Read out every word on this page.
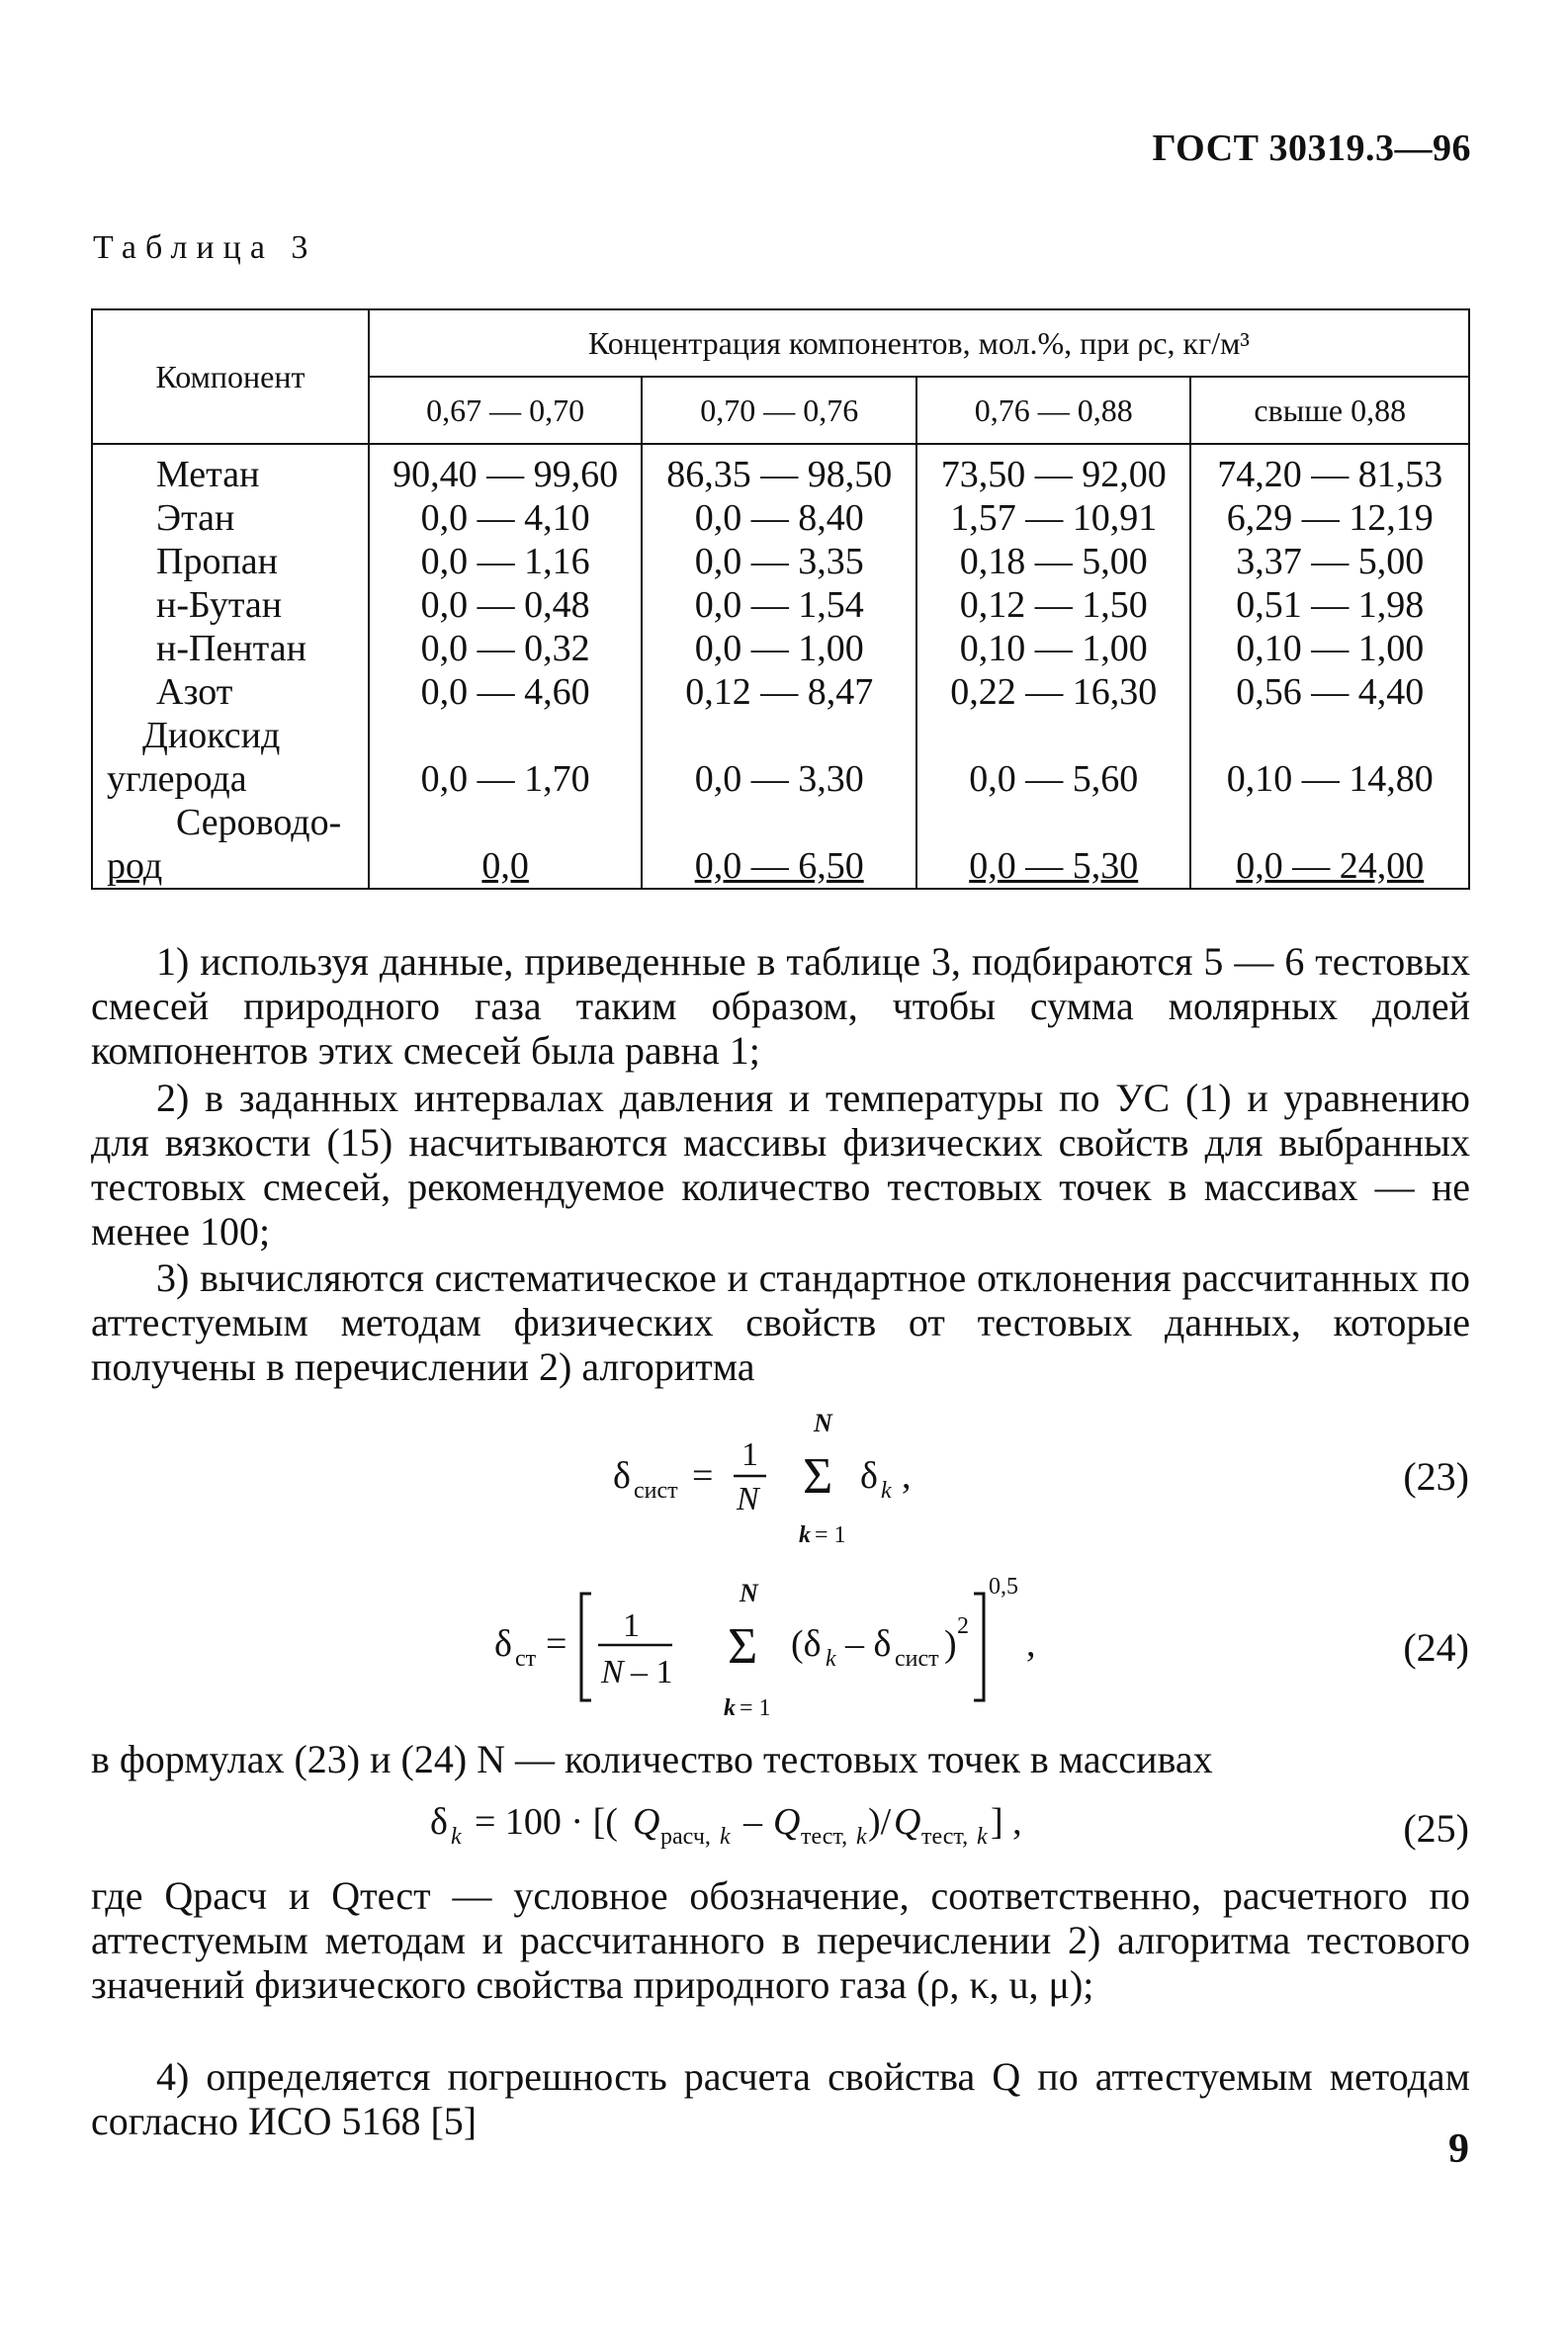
ГОСТ 30319.3—96
Таблица 3
Компонент	Концентрация компонентов, мол.%, при ρс, кг/м³			
	0,67 — 0,70	0,70 — 0,76	0,76 — 0,88	свыше 0,88
Метан	90,40 — 99,60	86,35 — 98,50	73,50 — 92,00	74,20 — 81,53
Этан	0,0 — 4,10	0,0 — 8,40	1,57 — 10,91	6,29 — 12,19
Пропан	0,0 — 1,16	0,0 — 3,35	0,18 — 5,00	3,37 — 5,00
н-Бутан	0,0 — 0,48	0,0 — 1,54	0,12 — 1,50	0,51 — 1,98
н-Пентан	0,0 — 0,32	0,0 — 1,00	0,10 — 1,00	0,10 — 1,00
Азот	0,0 — 4,60	0,12 — 8,47	0,22 — 16,30	0,56 — 4,40

Диоксид
углерода	0,0 — 1,70	0,0 — 3,30	0,0 — 5,60	0,10 — 14,80

Сероводо-
род	0,0	0,0 — 6,50	0,0 — 5,30	0,0 — 24,00
1) используя данные, приведенные в таблице 3, подбираются 5 — 6 тестовых смесей природного газа таким образом, чтобы сумма молярных долей компонентов этих смесей была равна 1;
2) в заданных интервалах давления и температуры по УС (1) и уравнению для вязкости (15) насчитываются массивы физических свойств для выбранных тестовых смесей, рекомендуемое количество тестовых точек в массивах — не менее 100;
3) вычисляются систематическое и стандартное отклонения рассчитанных по аттестуемым методам физических свойств от тестовых данных, которые получены в перечислении 2) алгоритма
δ сист =
1
N
N
Σ
k = 1
δ k ,	(23)
δ ст = 1
N – 1
N
Σ
k = 1
(δ k – δ сист ) 2
0,5
,	(24)
в формулах (23) и (24) N — количество тестовых точек в массивах
δ k = 100 · [( Q расч, k – Q тест, k )/ Q тест, k ] ,	(25)
где Qрасч и Qтест — условное обозначение, соответственно, расчетного по аттестуемым методам и рассчитанного в перечислении 2) алгоритма тестового значений физического свойства природного газа (ρ, κ, u, μ);
4) определяется погрешность расчета свойства Q по аттестуемым методам согласно ИСО 5168 [5]
9
